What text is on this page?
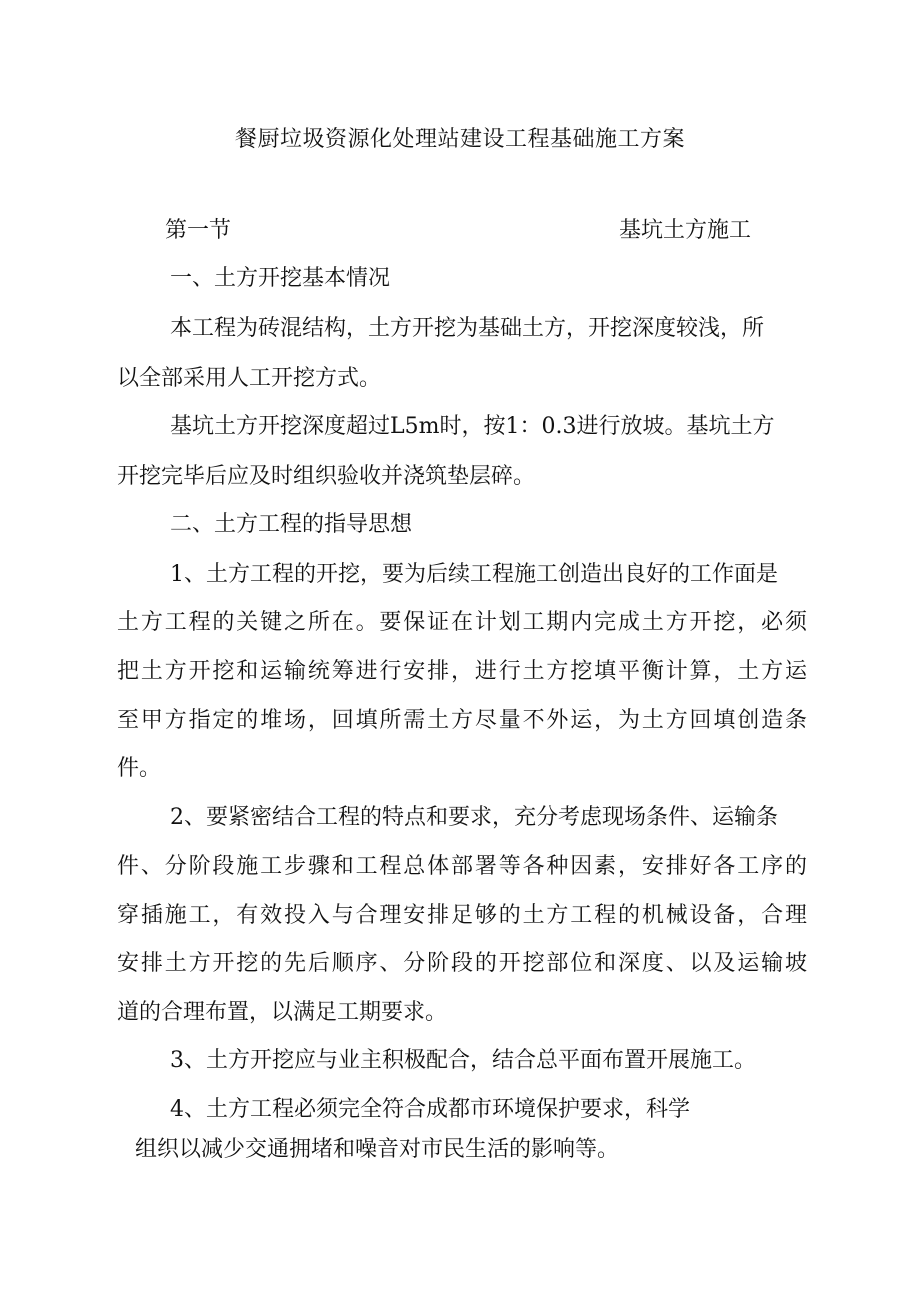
餐厨垃圾资源化处理站建设工程基础施工方案
第一节	基坑土方施工
一、土方开挖基本情况
本工程为砖混结构，土方开挖为基础土方，开挖深度较浅，所
以全部采用人工开挖方式。
基坑土方开挖深度超过L5m时，按1：0.3进行放坡。基坑土方
开挖完毕后应及时组织验收并浇筑垫层碎。
二、土方工程的指导思想
1、土方工程的开挖，要为后续工程施工创造出良好的工作面是
土方工程的关键之所在。要保证在计划工期内完成土方开挖，必须
把土方开挖和运输统筹进行安排，进行土方挖填平衡计算，土方运
至甲方指定的堆场，回填所需土方尽量不外运，为土方回填创造条
件。
2、要紧密结合工程的特点和要求，充分考虑现场条件、运输条
件、分阶段施工步骤和工程总体部署等各种因素，安排好各工序的
穿插施工，有效投入与合理安排足够的土方工程的机械设备，合理
安排土方开挖的先后顺序、分阶段的开挖部位和深度、以及运输坡
道的合理布置，以满足工期要求。
3、土方开挖应与业主积极配合，结合总平面布置开展施工。
4、土方工程必须完全符合成都市环境保护要求，科学
组织以减少交通拥堵和噪音对市民生活的影响等。
